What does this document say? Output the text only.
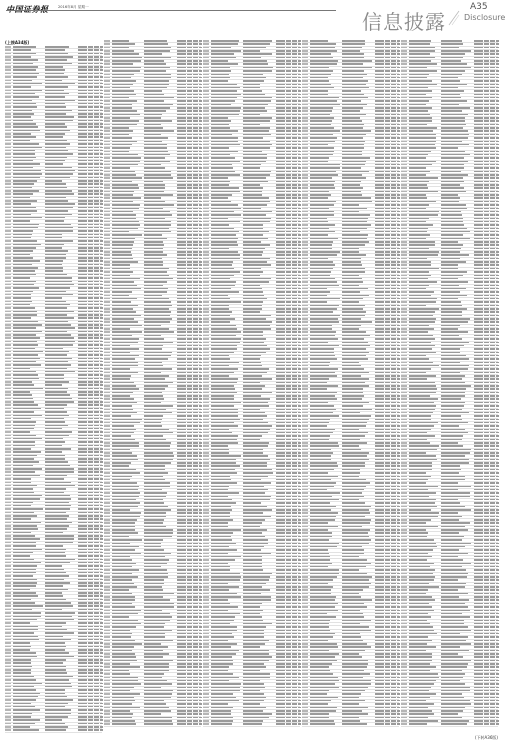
中国证券报	2016年8月 星期一
信息披露
A35
Disclosure
(上接A34版)
(下转A36版)
